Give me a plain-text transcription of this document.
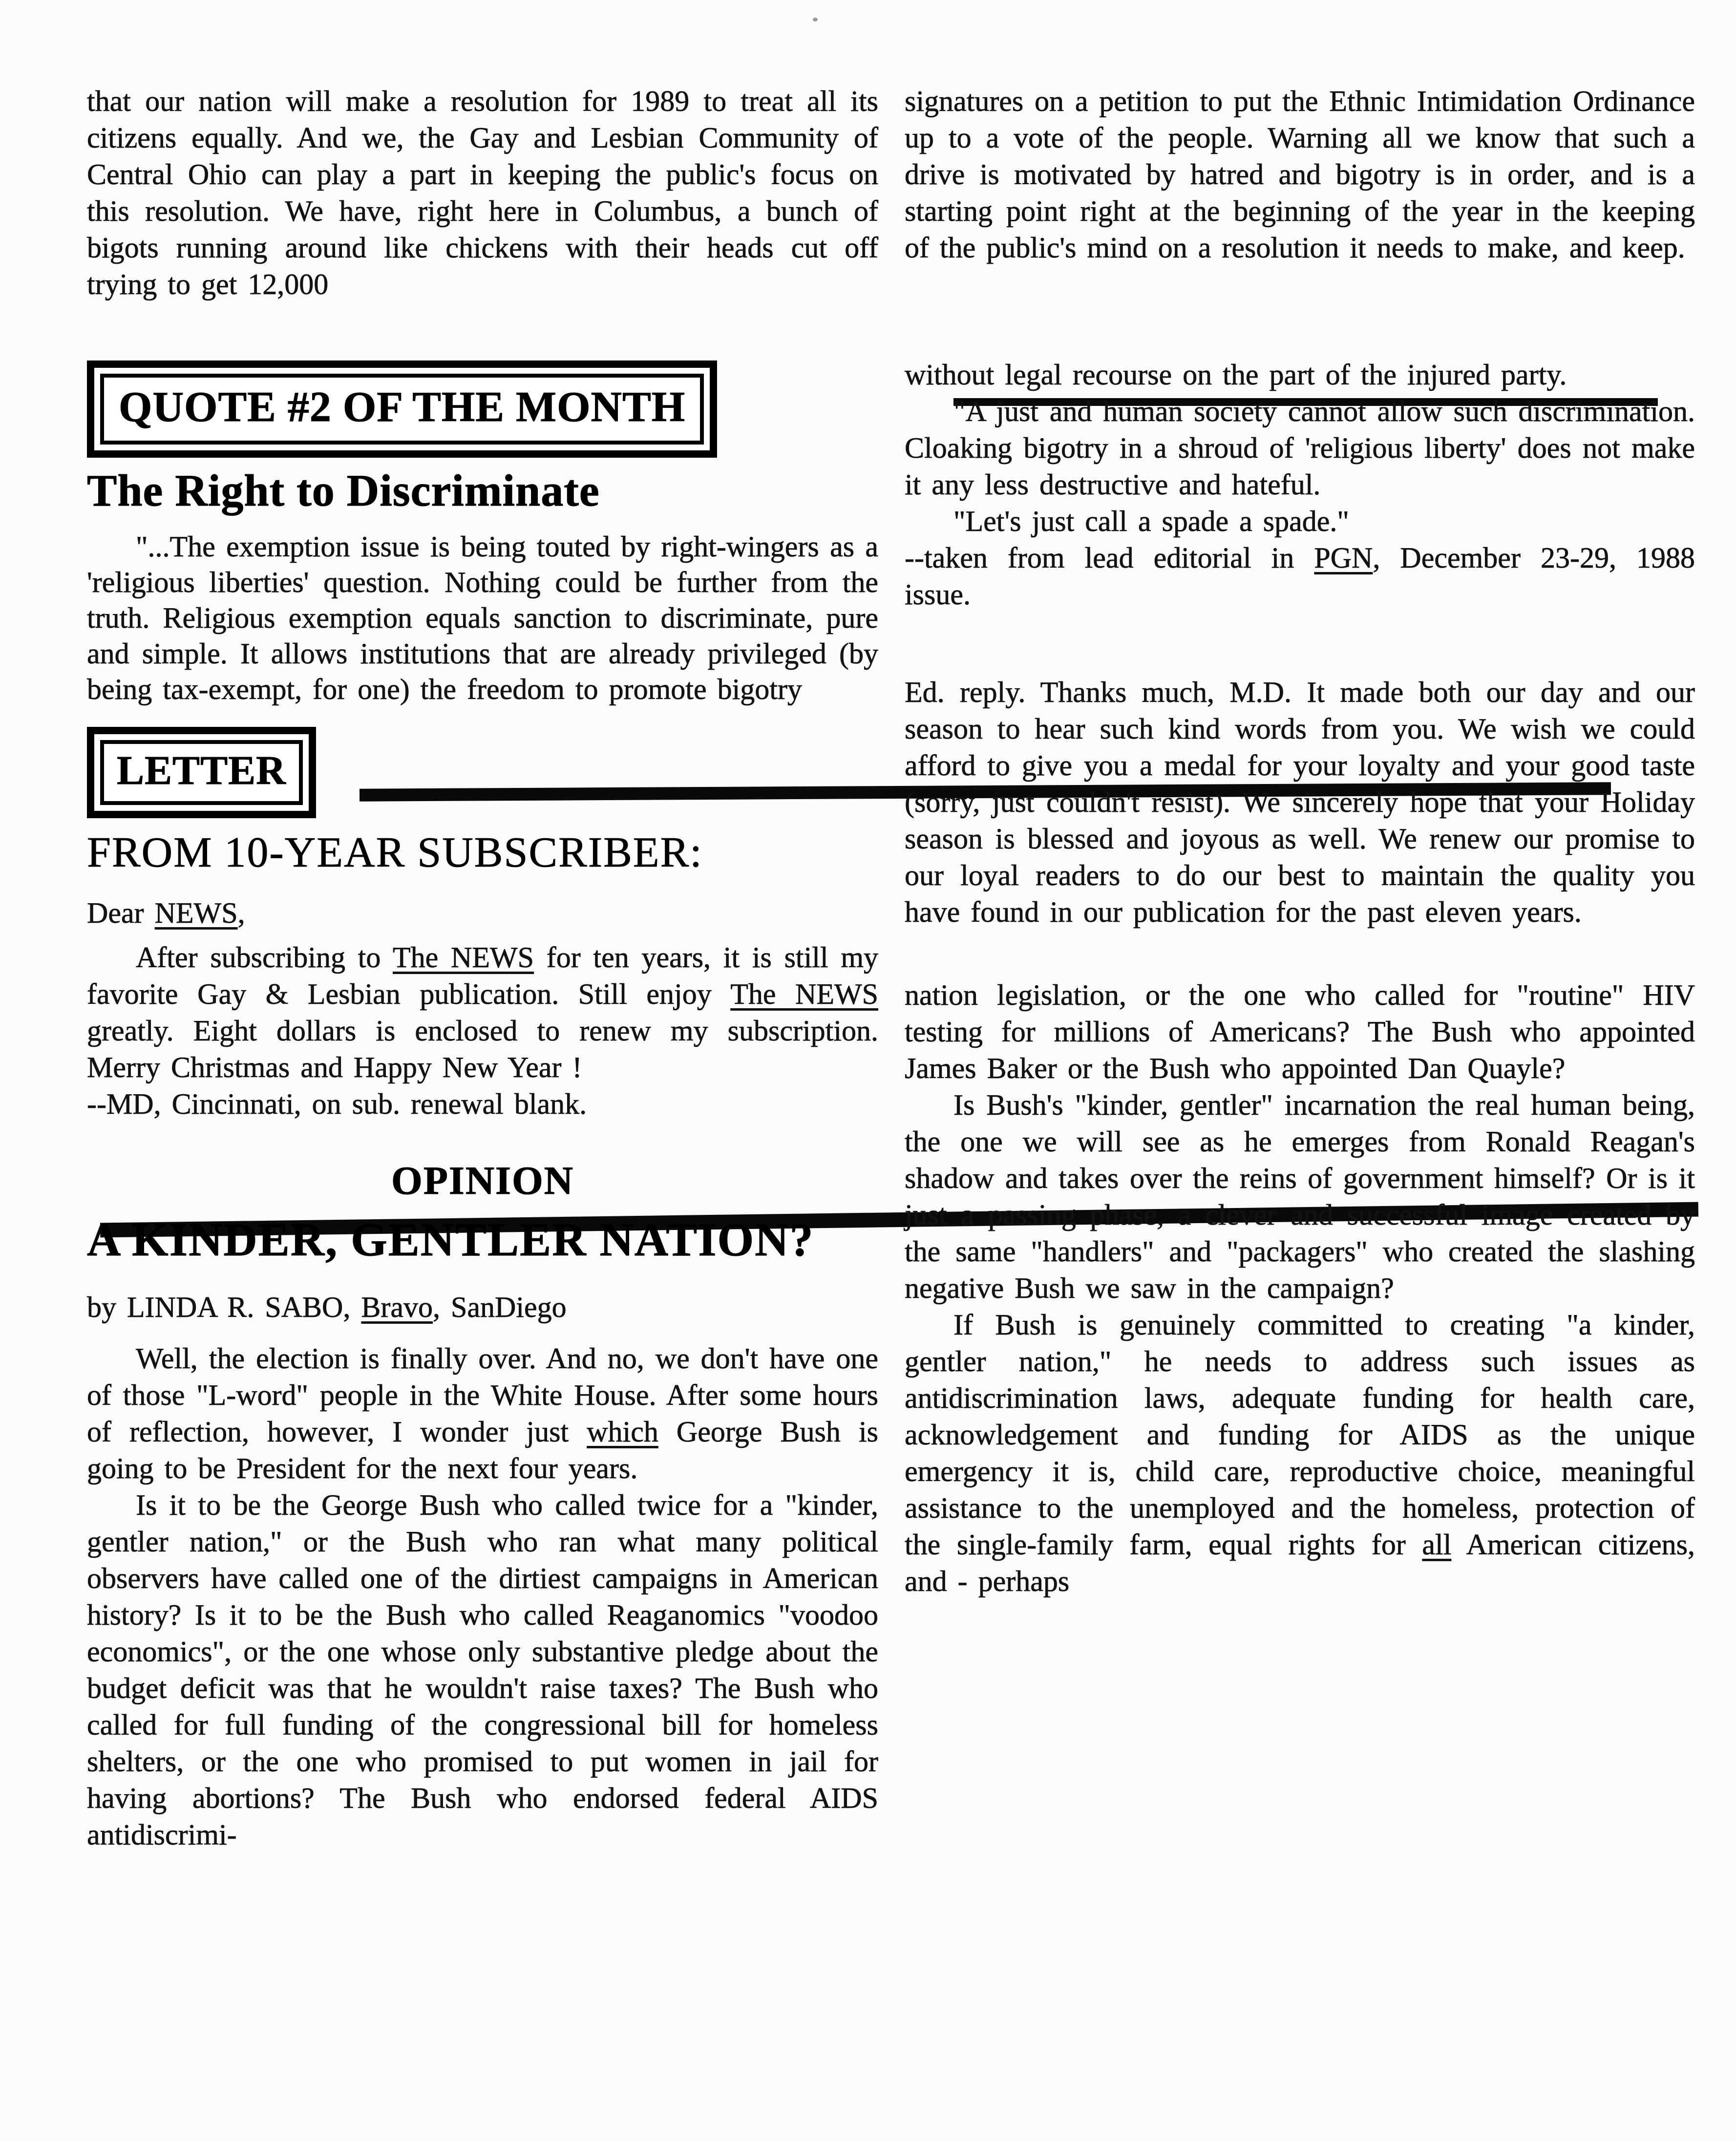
that our nation will make a resolution for 1989 to treat all its citizens equally. And we, the Gay and Lesbian Community of Central Ohio can play a part in keeping the public's focus on this resolution. We have, right here in Columbus, a bunch of bigots running around like chickens with their heads cut off trying to get 12,000

QUOTE #2 OF THE MONTH
The Right to Discriminate

"...The exemption issue is being touted by right-wingers as a 'religious liberties' question. Nothing could be further from the truth. Religious exemption equals sanction to discriminate, pure and simple. It allows institutions that are already privileged (by being tax-exempt, for one) the freedom to promote bigotry

LETTER
FROM 10-YEAR SUBSCRIBER:

Dear NEWS,

After subscribing to The NEWS for ten years, it is still my favorite Gay & Lesbian publication. Still enjoy The NEWS greatly. Eight dollars is enclosed to renew my subscription. Merry Christmas and Happy New Year !

--MD, Cincinnati, on sub. renewal blank.

OPINION
A KINDER, GENTLER NATION?

by LINDA R. SABO, Bravo, SanDiego

Well, the election is finally over. And no, we don't have one of those "L-word" people in the White House. After some hours of reflection, however, I wonder just which George Bush is going to be President for the next four years.

Is it to be the George Bush who called twice for a "kinder, gentler nation," or the Bush who ran what many political observers have called one of the dirtiest campaigns in American history? Is it to be the Bush who called Reaganomics "voodoo economics", or the one whose only substantive pledge about the budget deficit was that he wouldn't raise taxes? The Bush who called for full funding of the congressional bill for homeless shelters, or the one who promised to put women in jail for having abortions? The Bush who endorsed federal AIDS antidiscrimi-

signatures on a petition to put the Ethnic Intimidation Ordinance up to a vote of the people. Warning all we know that such a drive is motivated by hatred and bigotry is in order, and is a starting point right at the beginning of the year in the keeping of the public's mind on a resolution it needs to make, and keep.

without legal recourse on the part of the injured party.

"A just and human society cannot allow such discrimination. Cloaking bigotry in a shroud of 'religious liberty' does not make it any less destructive and hateful.

"Let's just call a spade a spade."

--taken from lead editorial in PGN, December 23-29, 1988 issue.

Ed. reply. Thanks much, M.D. It made both our day and our season to hear such kind words from you. We wish we could afford to give you a medal for your loyalty and your good taste (sorry, just couldn't resist). We sincerely hope that your Holiday season is blessed and joyous as well. We renew our promise to our loyal readers to do our best to maintain the quality you have found in our publication for the past eleven years.

nation legislation, or the one who called for "routine" HIV testing for millions of Americans? The Bush who appointed James Baker or the Bush who appointed Dan Quayle?

Is Bush's "kinder, gentler" incarnation the real human being, the one we will see as he emerges from Ronald Reagan's shadow and takes over the reins of government himself? Or is it just a passing phase, a clever and successful image created by the same "handlers" and "packagers" who created the slashing negative Bush we saw in the campaign?

If Bush is genuinely committed to creating "a kinder, gentler nation," he needs to address such issues as antidiscrimination laws, adequate funding for health care, acknowledgement and funding for AIDS as the unique emergency it is, child care, reproductive choice, meaningful assistance to the unemployed and the homeless, protection of the single-family farm, equal rights for all American citizens, and - perhaps
